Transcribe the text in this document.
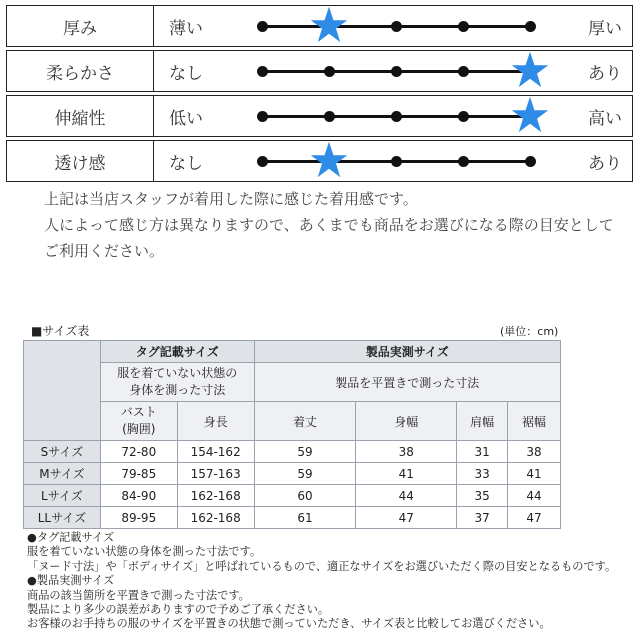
厚み	薄い	厚い
柔らかさ	なし	あり
伸縮性	低い	高い
透け感	なし	あり
上記は当店スタッフが着用した際に感じた着用感です。
人によって感じ方は異なりますので、あくまでも商品をお選びになる際の目安として
ご利用ください。
■サイズ表	(単位：cm)
	タグ記載サイズ		製品実測サイズ			

	服を着ていない状態の
身体を測った寸法		製品を平置きで測った寸法			

	バスト
(胸囲)	身長	着丈	身幅	肩幅	裾幅
Sサイズ	72-80	154-162	59	38	31	38
Mサイズ	79-85	157-163	59	41	33	41
Lサイズ	84-90	162-168	60	44	35	44
LLサイズ	89-95	162-168	61	47	37	47
●タグ記載サイズ
服を着ていない状態の身体を測った寸法です。
「ヌード寸法」や「ボディサイズ」と呼ばれているもので、適正なサイズをお選びいただく際の目安となるものです。
●製品実測サイズ
商品の該当箇所を平置きで測った寸法です。
製品により多少の誤差がありますので予めご了承ください。
お客様のお手持ちの服のサイズを平置きの状態で測っていただき、サイズ表と比較してお選びください。
